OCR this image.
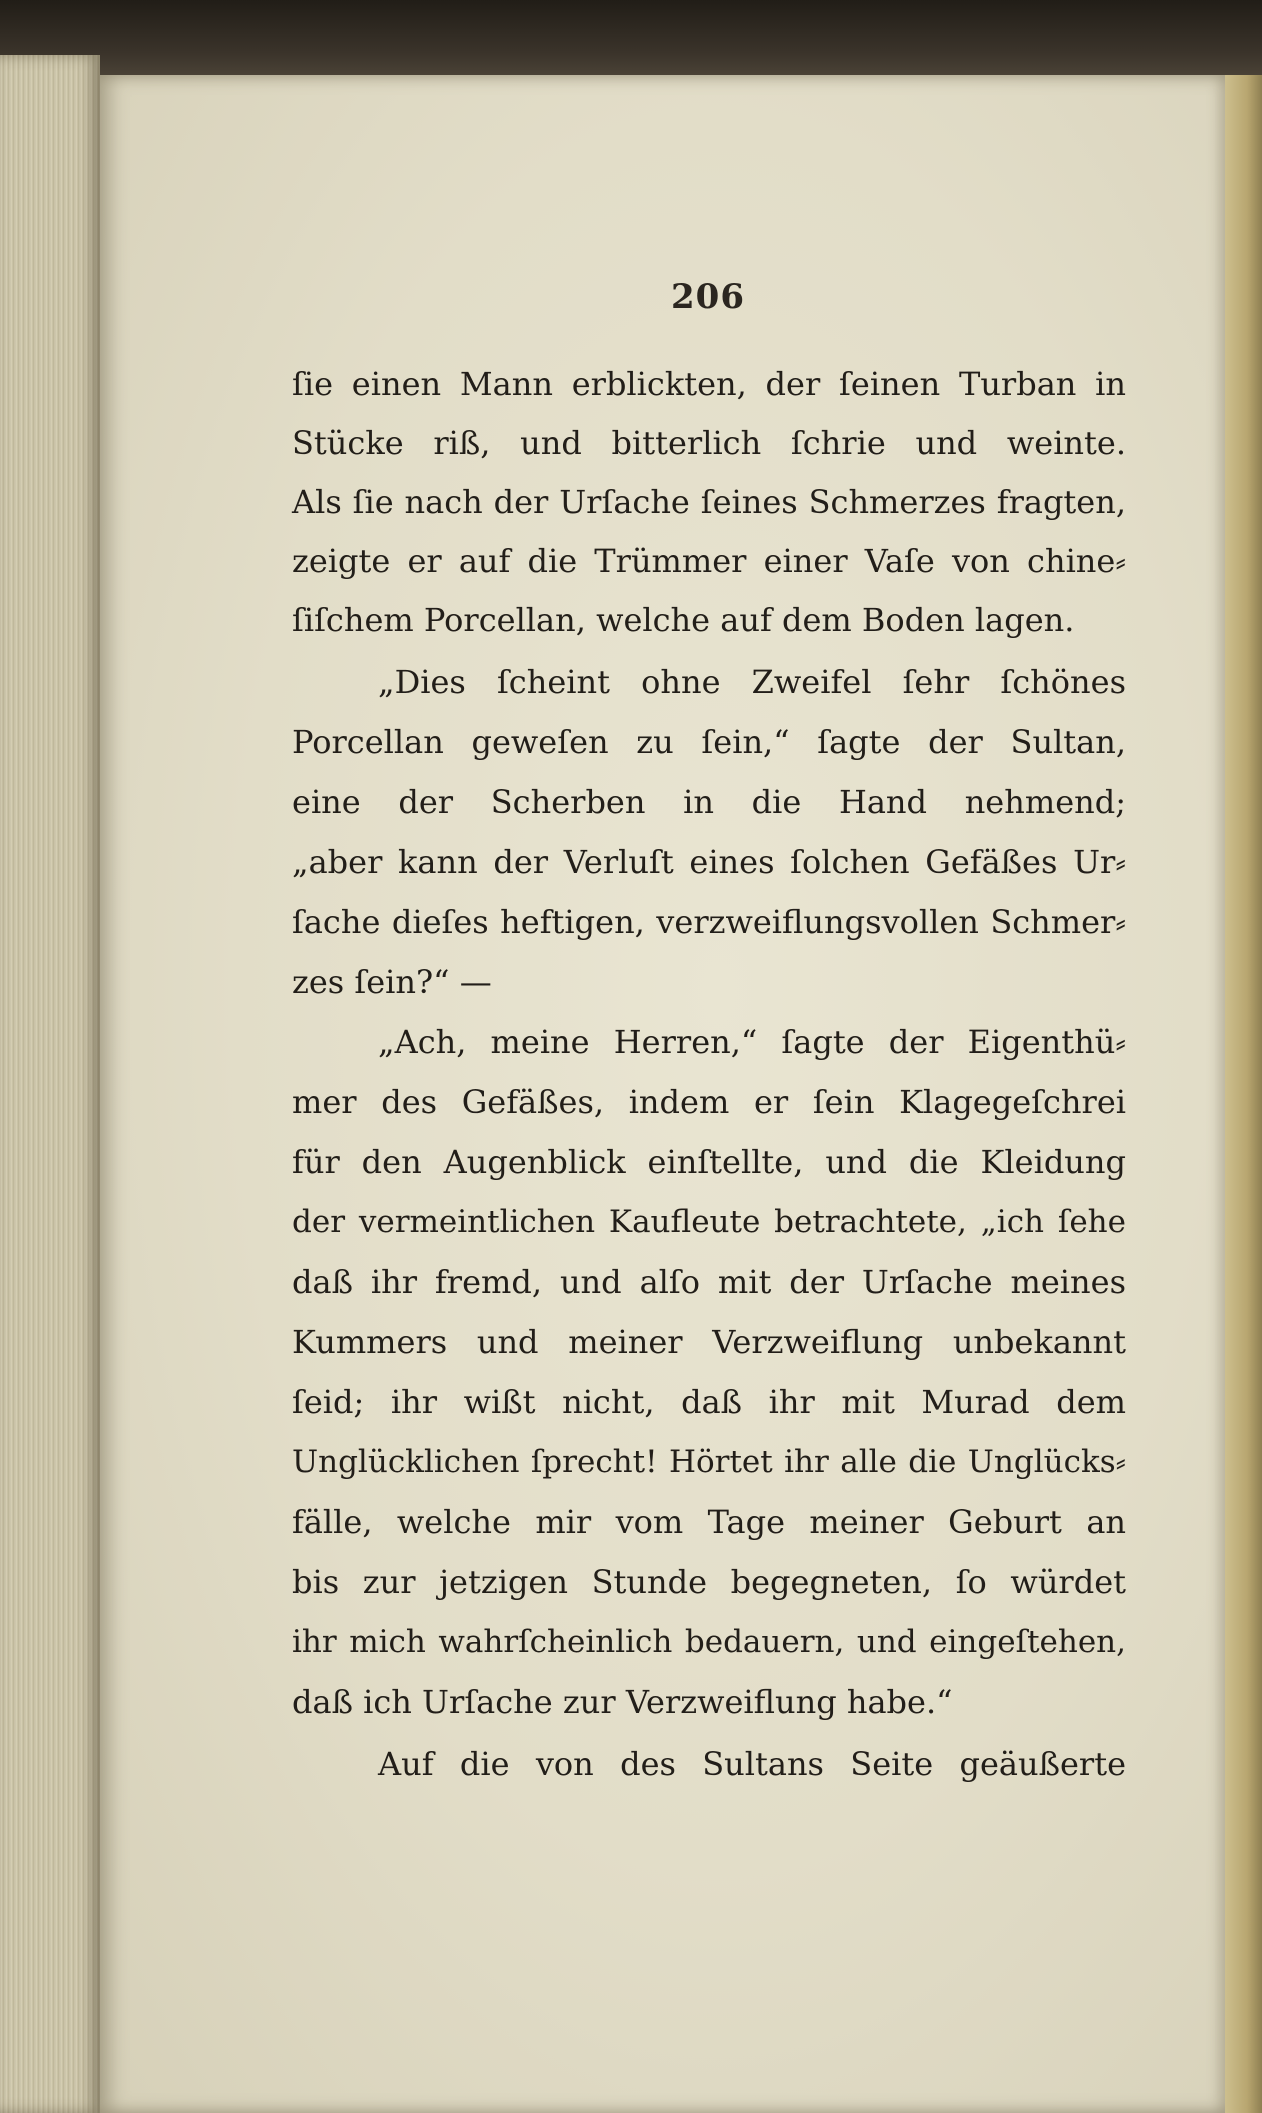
206
ſie einen Mann erblickten, der ſeinen Turban in
Stücke riß, und bitterlich ſchrie und weinte.
Als ſie nach der Urſache ſeines Schmerzes fragten,
zeigte er auf die Trümmer einer Vaſe von chine⸗
ſiſchem Porcellan, welche auf dem Boden lagen.
„Dies ſcheint ohne Zweifel ſehr ſchönes
Porcellan geweſen zu ſein,“ ſagte der Sultan,
eine der Scherben in die Hand nehmend;
„aber kann der Verluſt eines ſolchen Gefäßes Ur⸗
ſache dieſes heftigen, verzweiflungsvollen Schmer⸗
zes ſein?“ —
„Ach, meine Herren,“ ſagte der Eigenthü⸗
mer des Gefäßes, indem er ſein Klagegeſchrei
für den Augenblick einſtellte, und die Kleidung
der vermeintlichen Kaufleute betrachtete, „ich ſehe
daß ihr fremd, und alſo mit der Urſache meines
Kummers und meiner Verzweiflung unbekannt
ſeid; ihr wißt nicht, daß ihr mit Murad dem
Unglücklichen ſprecht! Hörtet ihr alle die Unglücks⸗
fälle, welche mir vom Tage meiner Geburt an
bis zur jetzigen Stunde begegneten, ſo würdet
ihr mich wahrſcheinlich bedauern, und eingeſtehen,
daß ich Urſache zur Verzweiflung habe.“
Auf die von des Sultans Seite geäußerte
